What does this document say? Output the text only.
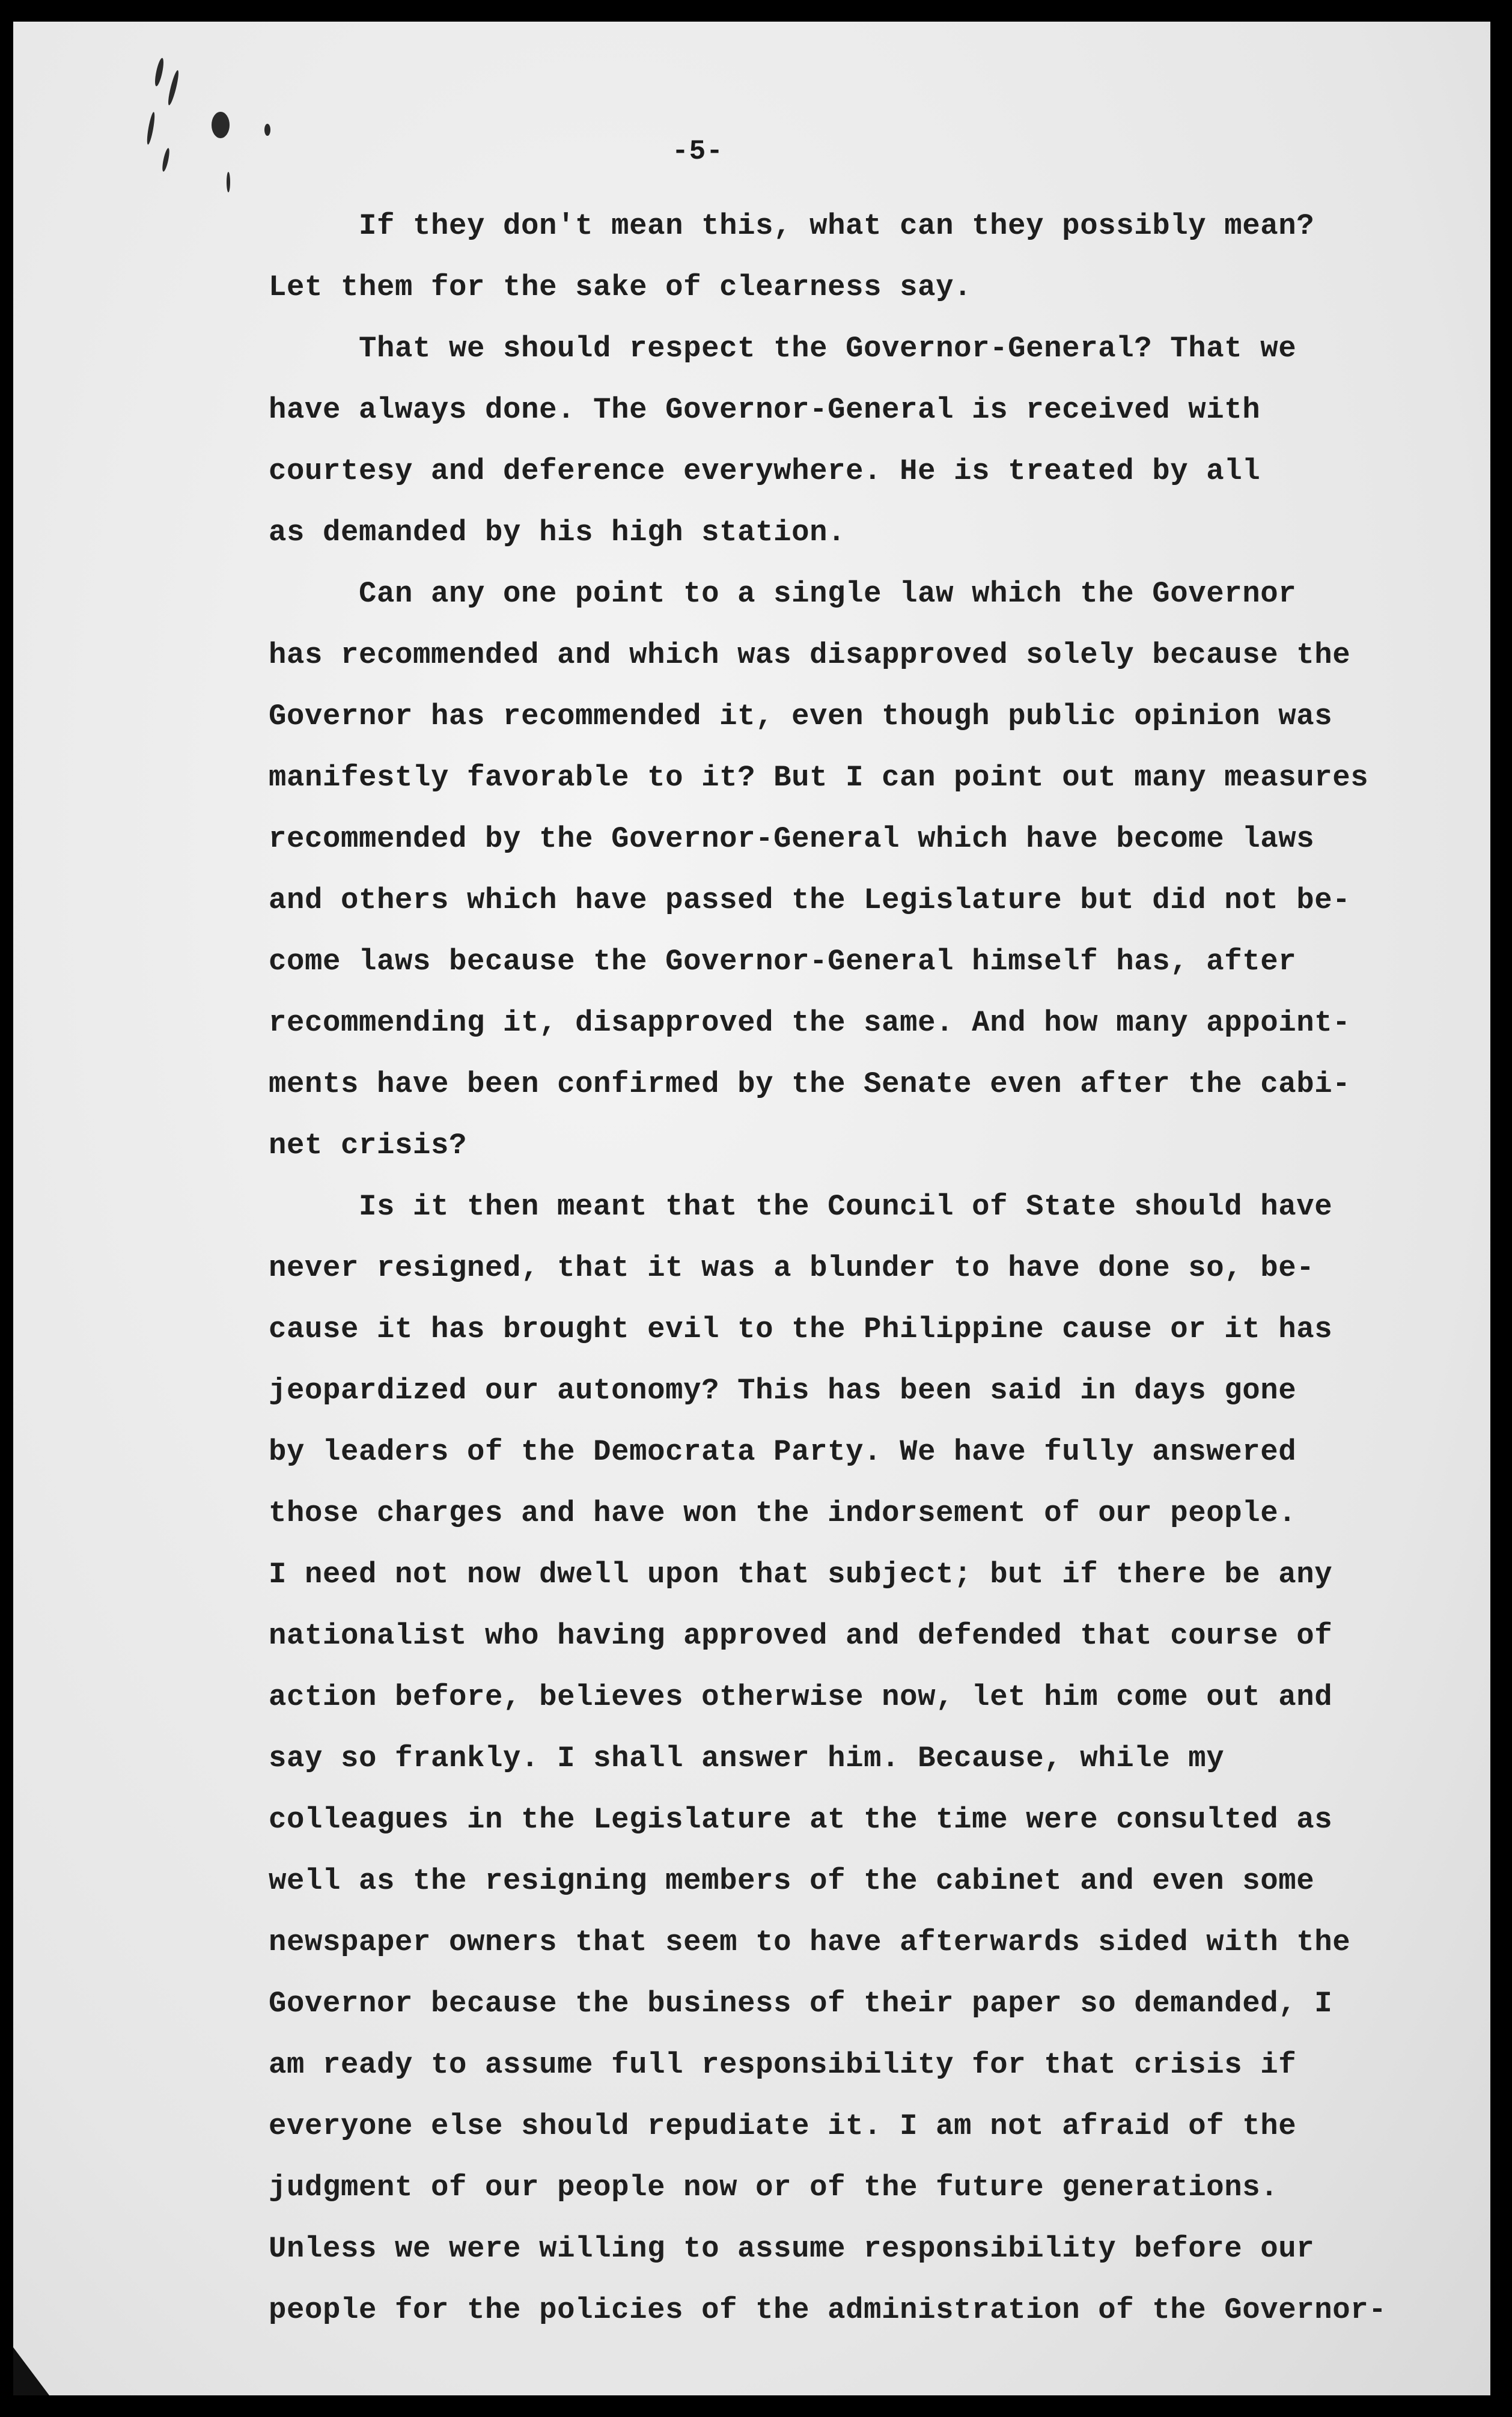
-5-
If they don't mean this, what can they possibly mean?
Let them for the sake of clearness say.
That we should respect the Governor-General? That we
have always done. The Governor-General is received with
courtesy and deference everywhere. He is treated by all
as demanded by his high station.
Can any one point to a single law which the Governor
has recommended and which was disapproved solely because the
Governor has recommended it, even though public opinion was
manifestly favorable to it? But I can point out many measures
recommended by the Governor-General which have become laws
and others which have passed the Legislature but did not be-
come laws because the Governor-General himself has, after
recommending it, disapproved the same. And how many appoint-
ments have been confirmed by the Senate even after the cabi-
net crisis?
Is it then meant that the Council of State should have
never resigned, that it was a blunder to have done so, be-
cause it has brought evil to the Philippine cause or it has
jeopardized our autonomy? This has been said in days gone
by leaders of the Democrata Party. We have fully answered
those charges and have won the indorsement of our people.
I need not now dwell upon that subject; but if there be any
nationalist who having approved and defended that course of
action before, believes otherwise now, let him come out and
say so frankly. I shall answer him. Because, while my
colleagues in the Legislature at the time were consulted as
well as the resigning members of the cabinet and even some
newspaper owners that seem to have afterwards sided with the
Governor because the business of their paper so demanded, I
am ready to assume full responsibility for that crisis if
everyone else should repudiate it. I am not afraid of the
judgment of our people now or of the future generations.
Unless we were willing to assume responsibility before our
people for the policies of the administration of the Governor-
